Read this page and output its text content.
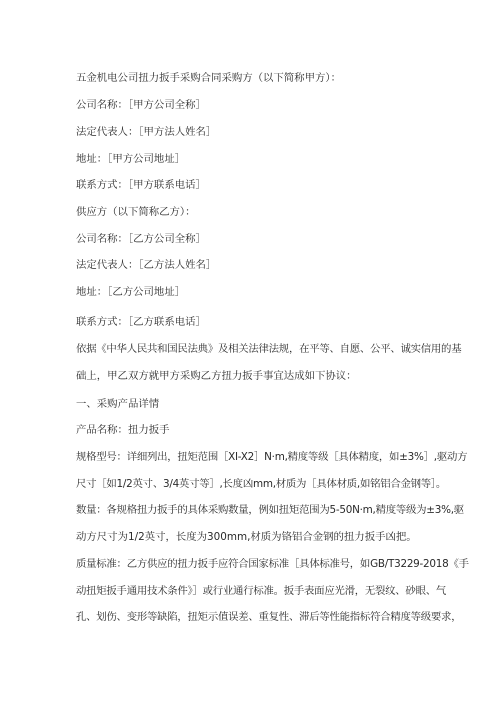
五金机电公司扭力扳手采购合同采购方（以下简称甲方）：
公司名称：［甲方公司全称］
法定代表人：［甲方法人姓名］
地址：［甲方公司地址］
联系方式：［甲方联系电话］
供应方（以下简称乙方）：
公司名称：［乙方公司全称］
法定代表人：［乙方法人姓名］
地址：［乙方公司地址］
联系方式：［乙方联系电话］
依据《中华人民共和国民法典》及相关法律法规，在平等、自愿、公平、诚实信用的基
础上，甲乙双方就甲方采购乙方扭力扳手事宜达成如下协议：
一、采购产品详情
产品名称：扭力扳手
规格型号：详细列出，扭矩范围［XI-X2］N·m,精度等级［具体精度，如±3%］,驱动方
尺寸［如1/2英寸、3/4英寸等］,长度凶mm,材质为［具体材质,如铭铝合金钢等］。
数量：各规格扭力扳手的具体采购数量，例如扭矩范围为5-50N·m,精度等级为±3%,驱
动方尺寸为1/2英寸，长度为300mm,材质为铬铝合金钢的扭力扳手凶把。
质量标准：乙方供应的扭力扳手应符合国家标准［具体标准号，如GB/T3229-2018《手
动扭矩扳手通用技术条件》］或行业通行标准。扳手表面应光滑，无裂纹、砂眼、气
孔、划伤、变形等缺陷，扭矩示值误差、重复性、滞后等性能指标符合精度等级要求，
